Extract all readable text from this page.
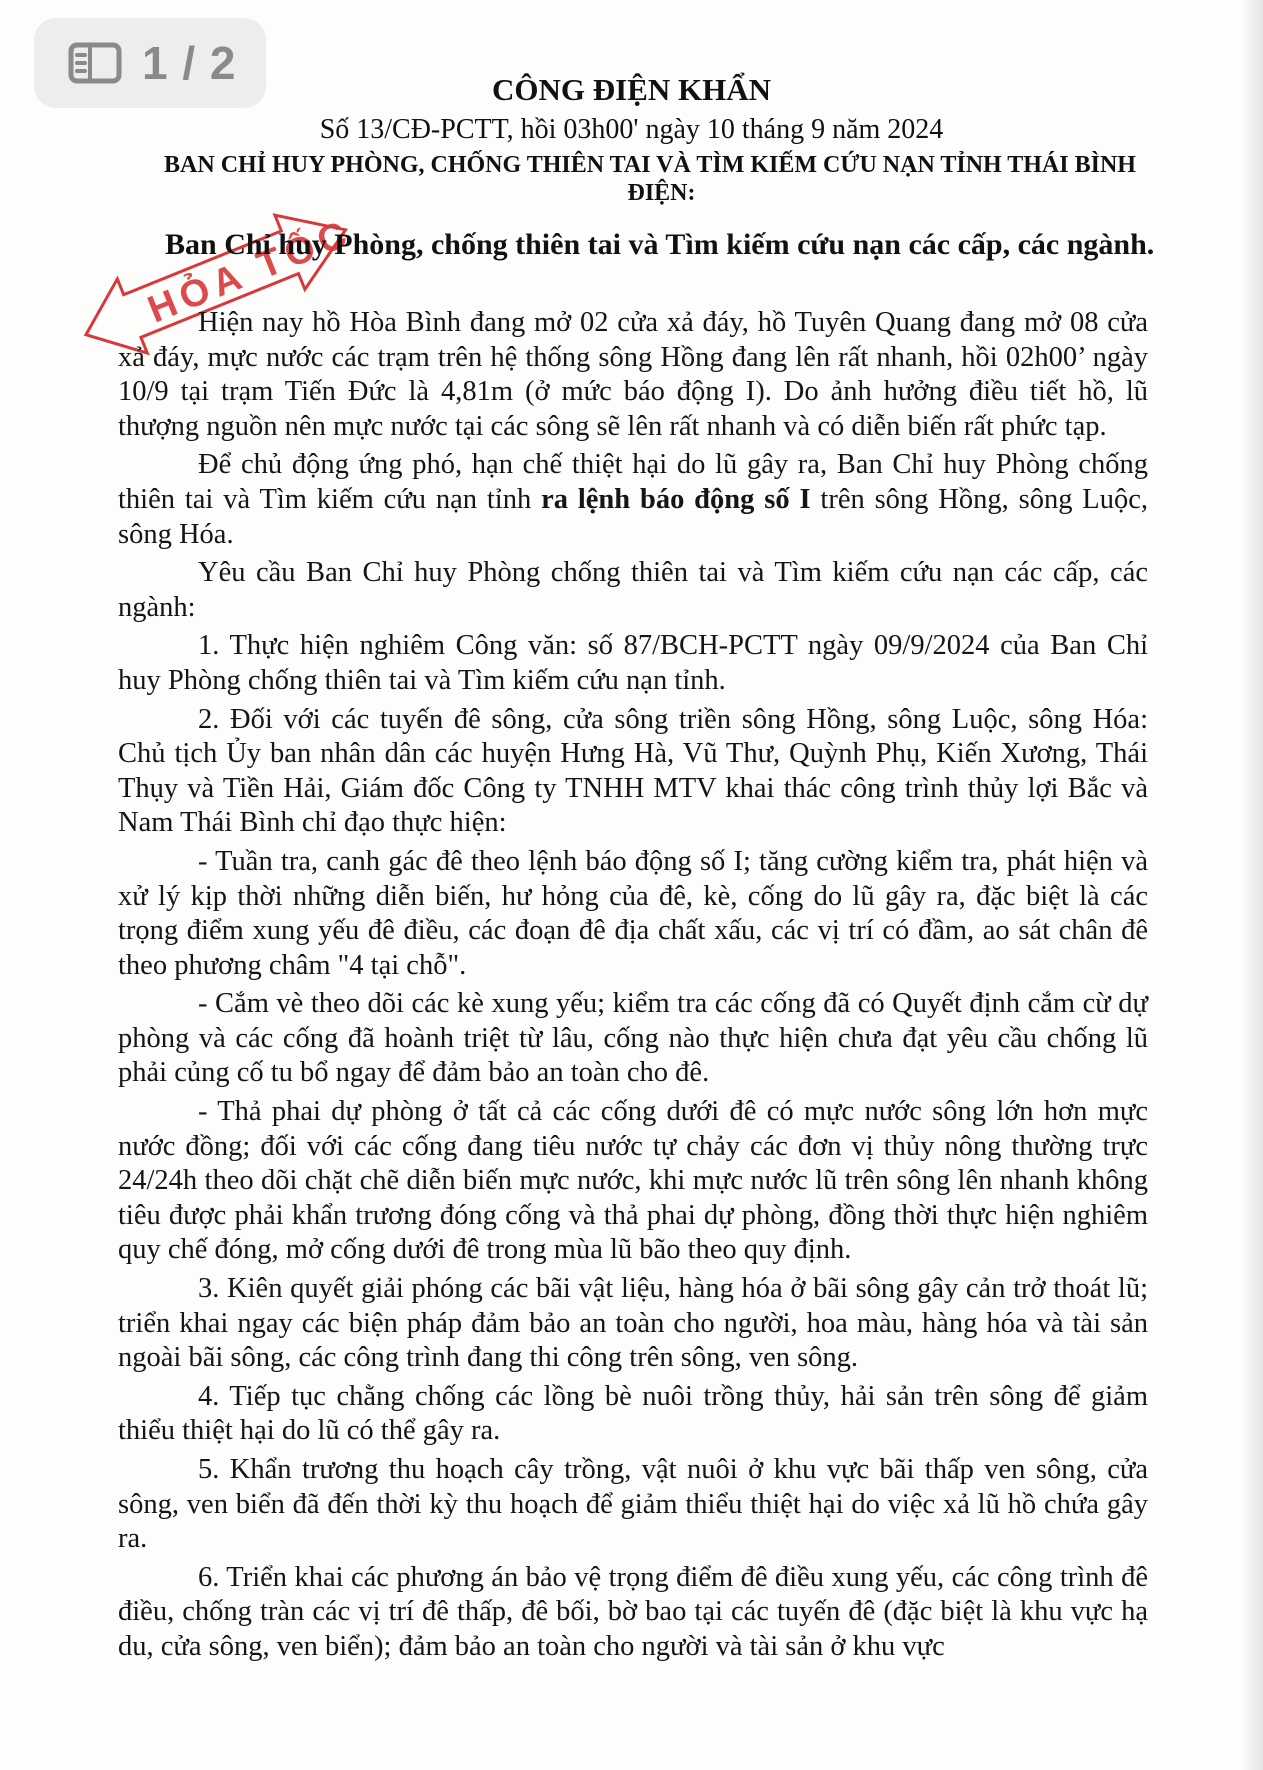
1 / 2
CÔNG ĐIỆN KHẨN
Số 13/CĐ-PCTT, hồi 03h00' ngày 10 tháng 9 năm 2024
BAN CHỈ HUY PHÒNG, CHỐNG THIÊN TAI VÀ TÌM KIẾM CỨU NẠN TỈNH THÁI BÌNH
ĐIỆN:
HỎA TỐC
Ban Chỉ huy Phòng, chống thiên tai và Tìm kiếm cứu nạn các cấp, các ngành.

Hiện nay hồ Hòa Bình đang mở 02 cửa xả đáy, hồ Tuyên Quang đang mở 08 cửa xả đáy, mực nước các trạm trên hệ thống sông Hồng đang lên rất nhanh, hồi 02h00’ ngày 10/9 tại trạm Tiến Đức là 4,81m (ở mức báo động I). Do ảnh hưởng điều tiết hồ, lũ thượng nguồn nên mực nước tại các sông sẽ lên rất nhanh và có diễn biến rất phức tạp.

Để chủ động ứng phó, hạn chế thiệt hại do lũ gây ra, Ban Chỉ huy Phòng chống thiên tai và Tìm kiếm cứu nạn tỉnh ra lệnh báo động số I trên sông Hồng, sông Luộc, sông Hóa.

Yêu cầu Ban Chỉ huy Phòng chống thiên tai và Tìm kiếm cứu nạn các cấp, các ngành:

1. Thực hiện nghiêm Công văn: số 87/BCH-PCTT ngày 09/9/2024 của Ban Chỉ huy Phòng chống thiên tai và Tìm kiếm cứu nạn tỉnh.

2. Đối với các tuyến đê sông, cửa sông triền sông Hồng, sông Luộc, sông Hóa: Chủ tịch Ủy ban nhân dân các huyện Hưng Hà, Vũ Thư, Quỳnh Phụ, Kiến Xương, Thái Thụy và Tiền Hải, Giám đốc Công ty TNHH MTV khai thác công trình thủy lợi Bắc và Nam Thái Bình chỉ đạo thực hiện:

- Tuần tra, canh gác đê theo lệnh báo động số I; tăng cường kiểm tra, phát hiện và xử lý kịp thời những diễn biến, hư hỏng của đê, kè, cống do lũ gây ra, đặc biệt là các trọng điểm xung yếu đê điều, các đoạn đê địa chất xấu, các vị trí có đầm, ao sát chân đê theo phương châm "4 tại chỗ".

- Cắm vè theo dõi các kè xung yếu; kiểm tra các cống đã có Quyết định cắm cừ dự phòng và các cống đã hoành triệt từ lâu, cống nào thực hiện chưa đạt yêu cầu chống lũ phải củng cố tu bổ ngay để đảm bảo an toàn cho đê.

- Thả phai dự phòng ở tất cả các cống dưới đê có mực nước sông lớn hơn mực nước đồng; đối với các cống đang tiêu nước tự chảy các đơn vị thủy nông thường trực 24/24h theo dõi chặt chẽ diễn biến mực nước, khi mực nước lũ trên sông lên nhanh không tiêu được phải khẩn trương đóng cống và thả phai dự phòng, đồng thời thực hiện nghiêm quy chế đóng, mở cống dưới đê trong mùa lũ bão theo quy định.

3. Kiên quyết giải phóng các bãi vật liệu, hàng hóa ở bãi sông gây cản trở thoát lũ; triển khai ngay các biện pháp đảm bảo an toàn cho người, hoa màu, hàng hóa và tài sản ngoài bãi sông, các công trình đang thi công trên sông, ven sông.

4. Tiếp tục chằng chống các lồng bè nuôi trồng thủy, hải sản trên sông để giảm thiểu thiệt hại do lũ có thể gây ra.

5. Khẩn trương thu hoạch cây trồng, vật nuôi ở khu vực bãi thấp ven sông, cửa sông, ven biển đã đến thời kỳ thu hoạch để giảm thiểu thiệt hại do việc xả lũ hồ chứa gây ra.

6. Triển khai các phương án bảo vệ trọng điểm đê điều xung yếu, các công trình đê điều, chống tràn các vị trí đê thấp, đê bối, bờ bao tại các tuyến đê (đặc biệt là khu vực hạ du, cửa sông, ven biển); đảm bảo an toàn cho người và tài sản ở khu vực
